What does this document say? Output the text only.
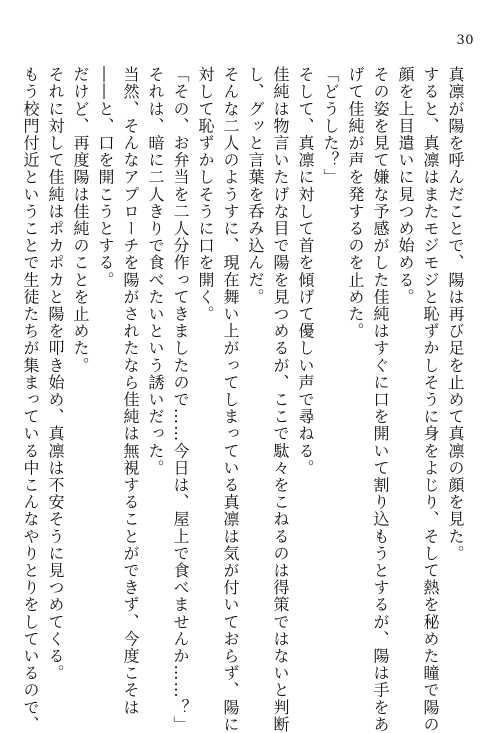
30
真凛が陽を呼んだことで、陽は再び足を止めて真凛の顔を見た。
すると、真凛はまたモジモジと恥ずかしそうに身をよじり、そして熱を秘めた瞳で陽の
顔を上目遣いに見つめ始める。
その姿を見て嫌な予感がした佳純はすぐに口を開いて割り込もうとするが、陽は手をあ
げて佳純が声を発するのを止めた。
「どうした？」
そして、真凛に対して首を傾げて優しい声で尋ねる。
佳純は物言いたげな目で陽を見つめるが、ここで駄々をこねるのは得策ではないと判断
し、グッと言葉を呑み込んだ。
そんな二人のようすに、現在舞い上がってしまっている真凛は気が付いておらず、陽に
対して恥ずかしそうに口を開く。
「その、お弁当を二人分作ってきましたので……今日は、屋上で食べませんか……？」
それは、暗に二人きりで食べたいという誘いだった。
当然、そんなアプローチを陽がされたなら佳純は無視することができず、今度こそは
――と、口を開こうとする。
だけど、再度陽は佳純のことを止めた。
それに対して佳純はポカポカと陽を叩き始め、真凛は不安そうに見つめてくる。
もう校門付近ということで生徒たちが集まっている中こんなやりとりをしているので、
